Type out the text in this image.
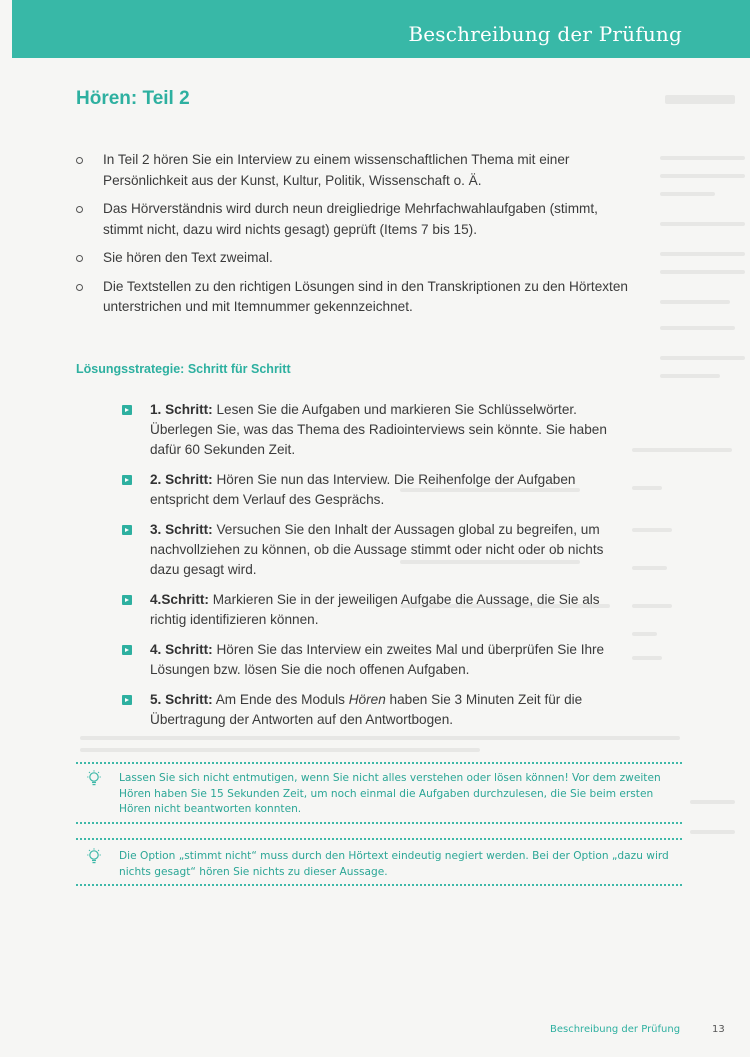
Beschreibung der Prüfung
Hören: Teil 2
In Teil 2 hören Sie ein Interview zu einem wissenschaftlichen Thema mit einer Persönlichkeit aus der Kunst, Kultur, Politik, Wissenschaft o. Ä.
Das Hörverständnis wird durch neun dreigliedrige Mehrfachwahlaufgaben (stimmt, stimmt nicht, dazu wird nichts gesagt) geprüft (Items 7 bis 15).
Sie hören den Text zweimal.
Die Textstellen zu den richtigen Lösungen sind in den Transkriptionen zu den Hörtexten unterstrichen und mit Itemnummer gekennzeichnet.
Lösungsstrategie: Schritt für Schritt
1. Schritt: Lesen Sie die Aufgaben und markieren Sie Schlüsselwörter. Überlegen Sie, was das Thema des Radiointerviews sein könnte. Sie haben dafür 60 Sekunden Zeit.
2. Schritt: Hören Sie nun das Interview. Die Reihenfolge der Aufgaben entspricht dem Verlauf des Gesprächs.
3. Schritt: Versuchen Sie den Inhalt der Aussagen global zu begreifen, um nachvollziehen zu können, ob die Aussage stimmt oder nicht oder ob nichts dazu gesagt wird.
4.Schritt: Markieren Sie in der jeweiligen Aufgabe die Aussage, die Sie als richtig identifizieren können.
4. Schritt: Hören Sie das Interview ein zweites Mal und überprüfen Sie Ihre Lösungen bzw. lösen Sie die noch offenen Aufgaben.
5. Schritt: Am Ende des Moduls Hören haben Sie 3 Minuten Zeit für die Übertragung der Antworten auf den Antwortbogen.
Lassen Sie sich nicht entmutigen, wenn Sie nicht alles verstehen oder lösen können! Vor dem zweiten Hören haben Sie 15 Sekunden Zeit, um noch einmal die Aufgaben durchzulesen, die Sie beim ersten Hören nicht beantworten konnten.
Die Option „stimmt nicht“ muss durch den Hörtext eindeutig negiert werden. Bei der Option „dazu wird nichts gesagt“ hören Sie nichts zu dieser Aussage.
Beschreibung der Prüfung	13
